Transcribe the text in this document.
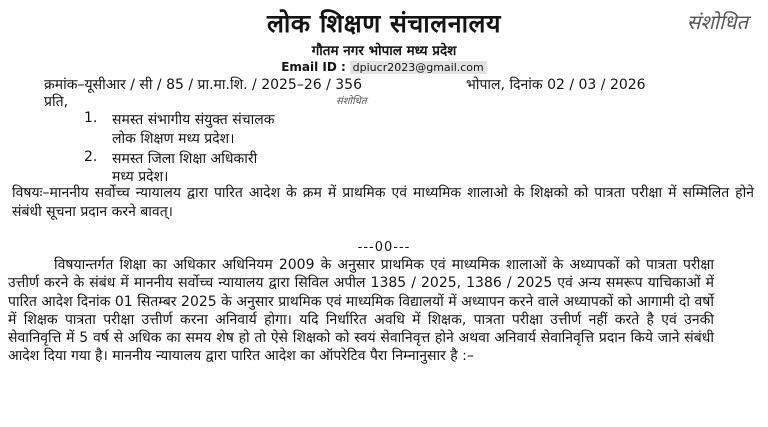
लोक शिक्षण संचालनालय
गौतम नगर भोपाल मध्य प्रदेश
Email ID : dpiucr2023@gmail.com
संशोधित
क्रमांक–यूसीआर / सी / 85 / प्रा.मा.शि. / 2025–26 / 356	भोपाल, दिनांक 02 / 03 / 2026
संशोधित
प्रति,
1. समस्त संभागीय संयुक्त संचालक
लोक शिक्षण मध्य प्रदेश।
2. समस्त जिला शिक्षा अधिकारी
मध्य प्रदेश।
विषयः–माननीय सर्वोच्च न्यायालय द्वारा पारित आदेश के क्रम में प्राथमिक एवं माध्यमिक शालाओ के शिक्षको को पात्रता परीक्षा में सम्मिलित होने संबंधी सूचना प्रदान करने बावत्।
---00---
विषयान्तर्गत शिक्षा का अधिकार अधिनियम 2009 के अनुसार प्राथमिक एवं माध्यमिक शालाओं के अध्यापकों को पात्रता परीक्षा उत्तीर्ण करने के संबंध में माननीय सर्वोच्च न्यायालय द्वारा सिविल अपील 1385 / 2025, 1386 / 2025 एवं अन्य समरूप याचिकाओं में पारित आदेश दिनांक 01 सितम्बर 2025 के अनुसार प्राथमिक एवं माध्यमिक विद्यालयों में अध्यापन करने वाले अध्यापकों को आगामी दो वर्षो में शिक्षक पात्रता परीक्षा उत्तीर्ण करना अनिवार्य होगा। यदि निर्धारित अवधि में शिक्षक, पात्रता परीक्षा उत्तीर्ण नहीं करते है एवं उनकी सेवानिवृत्ति में 5 वर्ष से अधिक का समय शेष हो तो ऐसे शिक्षको को स्वयं सेवानिवृत्त होने अथवा अनिवार्य सेवानिवृत्ति प्रदान किये जाने संबंधी आदेश दिया गया है। माननीय न्यायालय द्वारा पारित आदेश का ऑपरेटिव पैरा निम्नानुसार है :–
